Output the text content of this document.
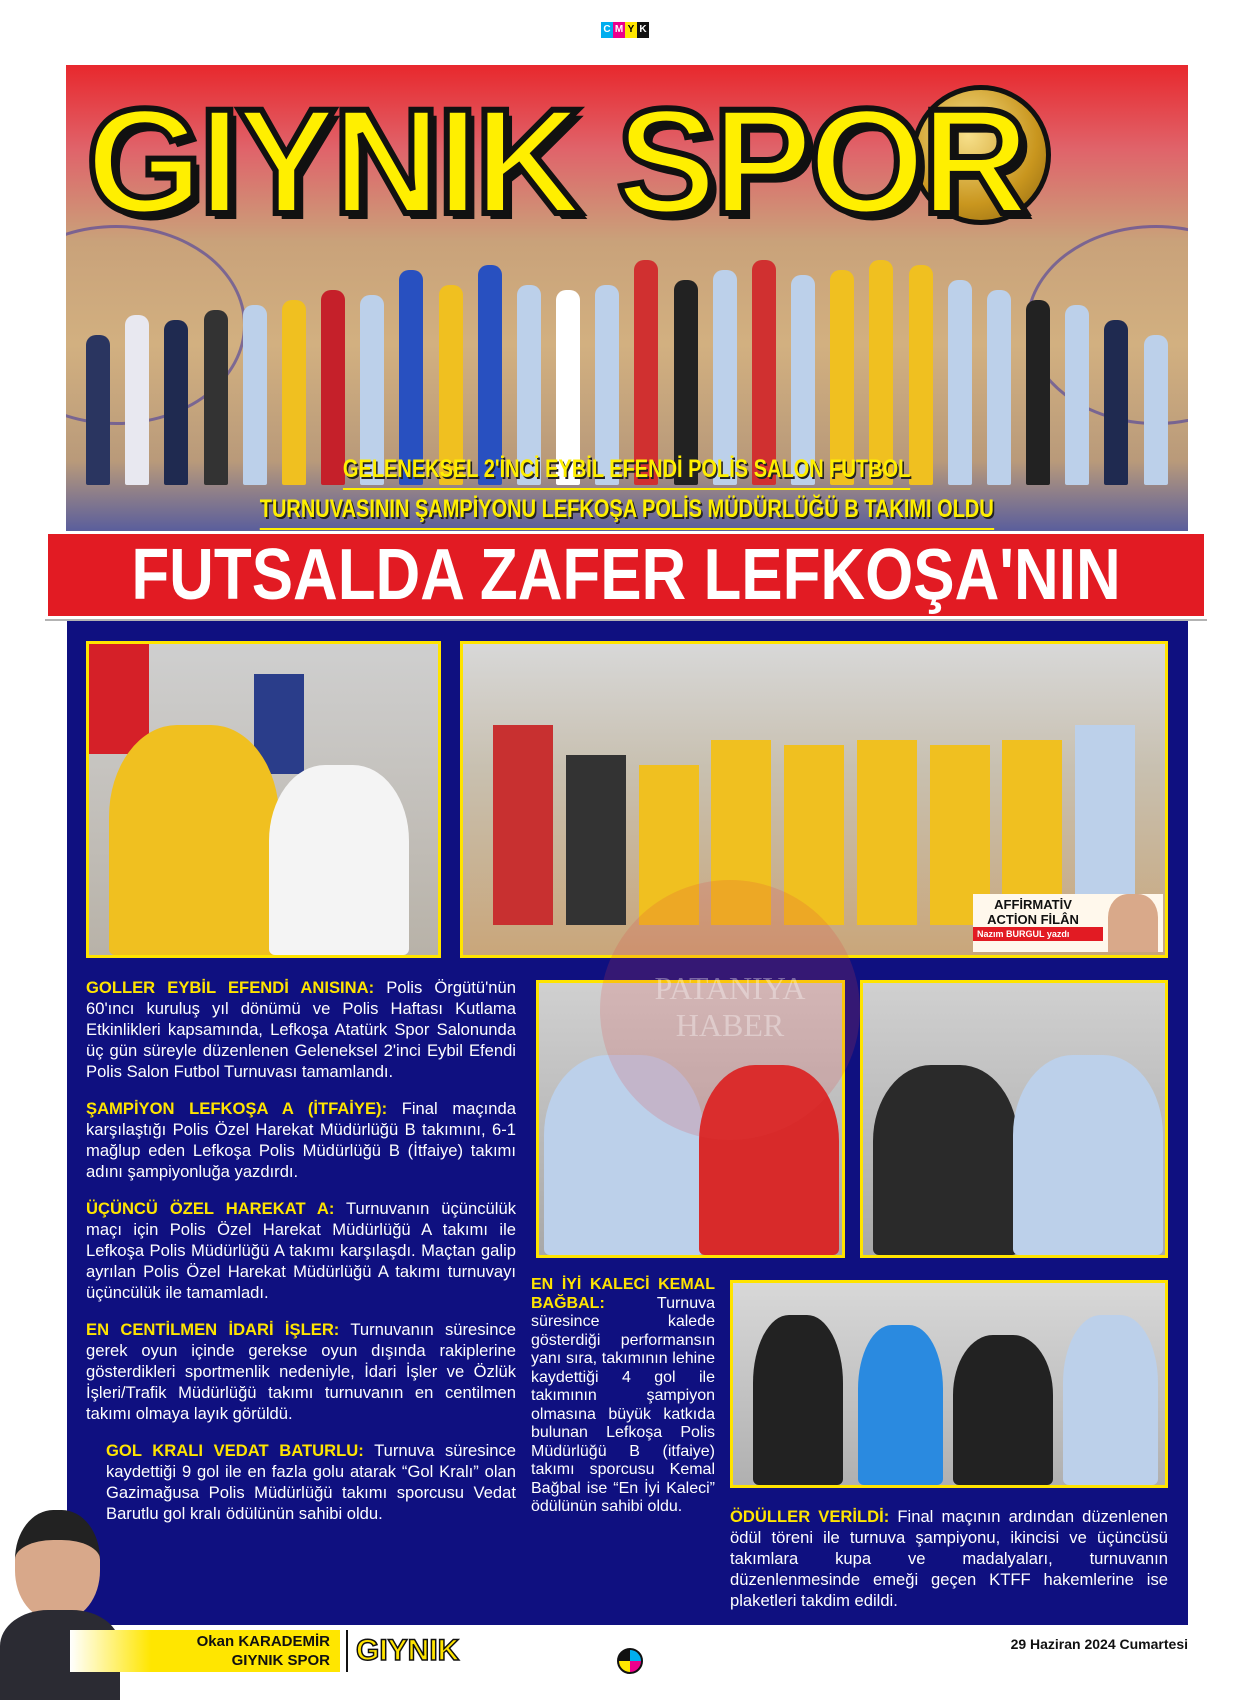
C M Y K
GIYNIK SPOR
GELENEKSEL 2'İNCİ EYBİL EFENDİ POLİS SALON FUTBOL
TURNUVASININ ŞAMPİYONU LEFKOŞA POLİS MÜDÜRLÜĞÜ B TAKIMI OLDU
AFFİRMATİV
ACTİON FİLÂN
Nazım BURGUL yazdı

GOLLER EYBİL EFENDİ ANISINA: Polis Örgütü'nün 60'ıncı kuruluş yıl dönümü ve Polis Haftası Kutlama Etkinlikleri kapsamında, Lefkoşa Atatürk Spor Salonunda üç gün süreyle düzenlenen Geleneksel 2'inci Eybil Efendi Polis Salon Futbol Turnuvası tamamlandı.

ŞAMPİYON LEFKOŞA A (İTFAİYE): Final maçında karşılaştığı Polis Özel Harekat Müdürlüğü B takımını, 6-1 mağlup eden Lefkoşa Polis Müdürlüğü B (İtfaiye) takımı adını şampiyonluğa yazdırdı.

ÜÇÜNCÜ ÖZEL HAREKAT A: Turnuvanın üçüncülük maçı için Polis Özel Harekat Müdürlüğü A takımı ile Lefkoşa Polis Müdürlüğü A takımı karşılaşdı. Maçtan galip ayrılan Polis Özel Harekat Müdürlüğü A takımı turnuvayı üçüncülük ile tamamladı.

EN CENTİLMEN İDARİ İŞLER: Turnuvanın süresince gerek oyun içinde gerekse oyun dışında rakiplerine gösterdikleri sportmenlik nedeniyle, İdari İşler ve Özlük İşleri/Trafik Müdürlüğü takımı turnuvanın en centilmen takımı olmaya layık görüldü.

GOL KRALI VEDAT BATURLU: Turnuva süresince kaydettiği 9 gol ile en fazla golu atarak “Gol Kralı” olan Gazimağusa Polis Müdürlüğü takımı sporcusu Vedat Barutlu gol kralı ödülünün sahibi oldu.

EN İYİ KALECİ KEMAL BAĞBAL:	Turnuva süresince kalede gösterdiği performansın yanı sıra, takımının lehine kaydettiği 4 gol ile takımının şampiyon olmasına büyük katkıda bulunan Lefkoşa Polis Müdürlüğü B (itfaiye) takımı sporcusu Kemal Bağbal ise “En İyi Kaleci” ödülünün sahibi oldu.

ÖDÜLLER VERİLDİ: Final maçının ardından düzenlenen ödül töreni ile turnuva şampiyonu, ikincisi ve üçüncüsü takımlara kupa ve madalyaları, turnuvanın düzenlenmesinde emeği geçen KTFF hakemlerine ise plaketleri takdim edildi.

FUTSALDA ZAFER LEFKOŞA'NIN
PATANIYA HABER
Okan KARADEMİR
GIYNIK SPOR GIYNIK	29 Haziran 2024 Cumartesi
